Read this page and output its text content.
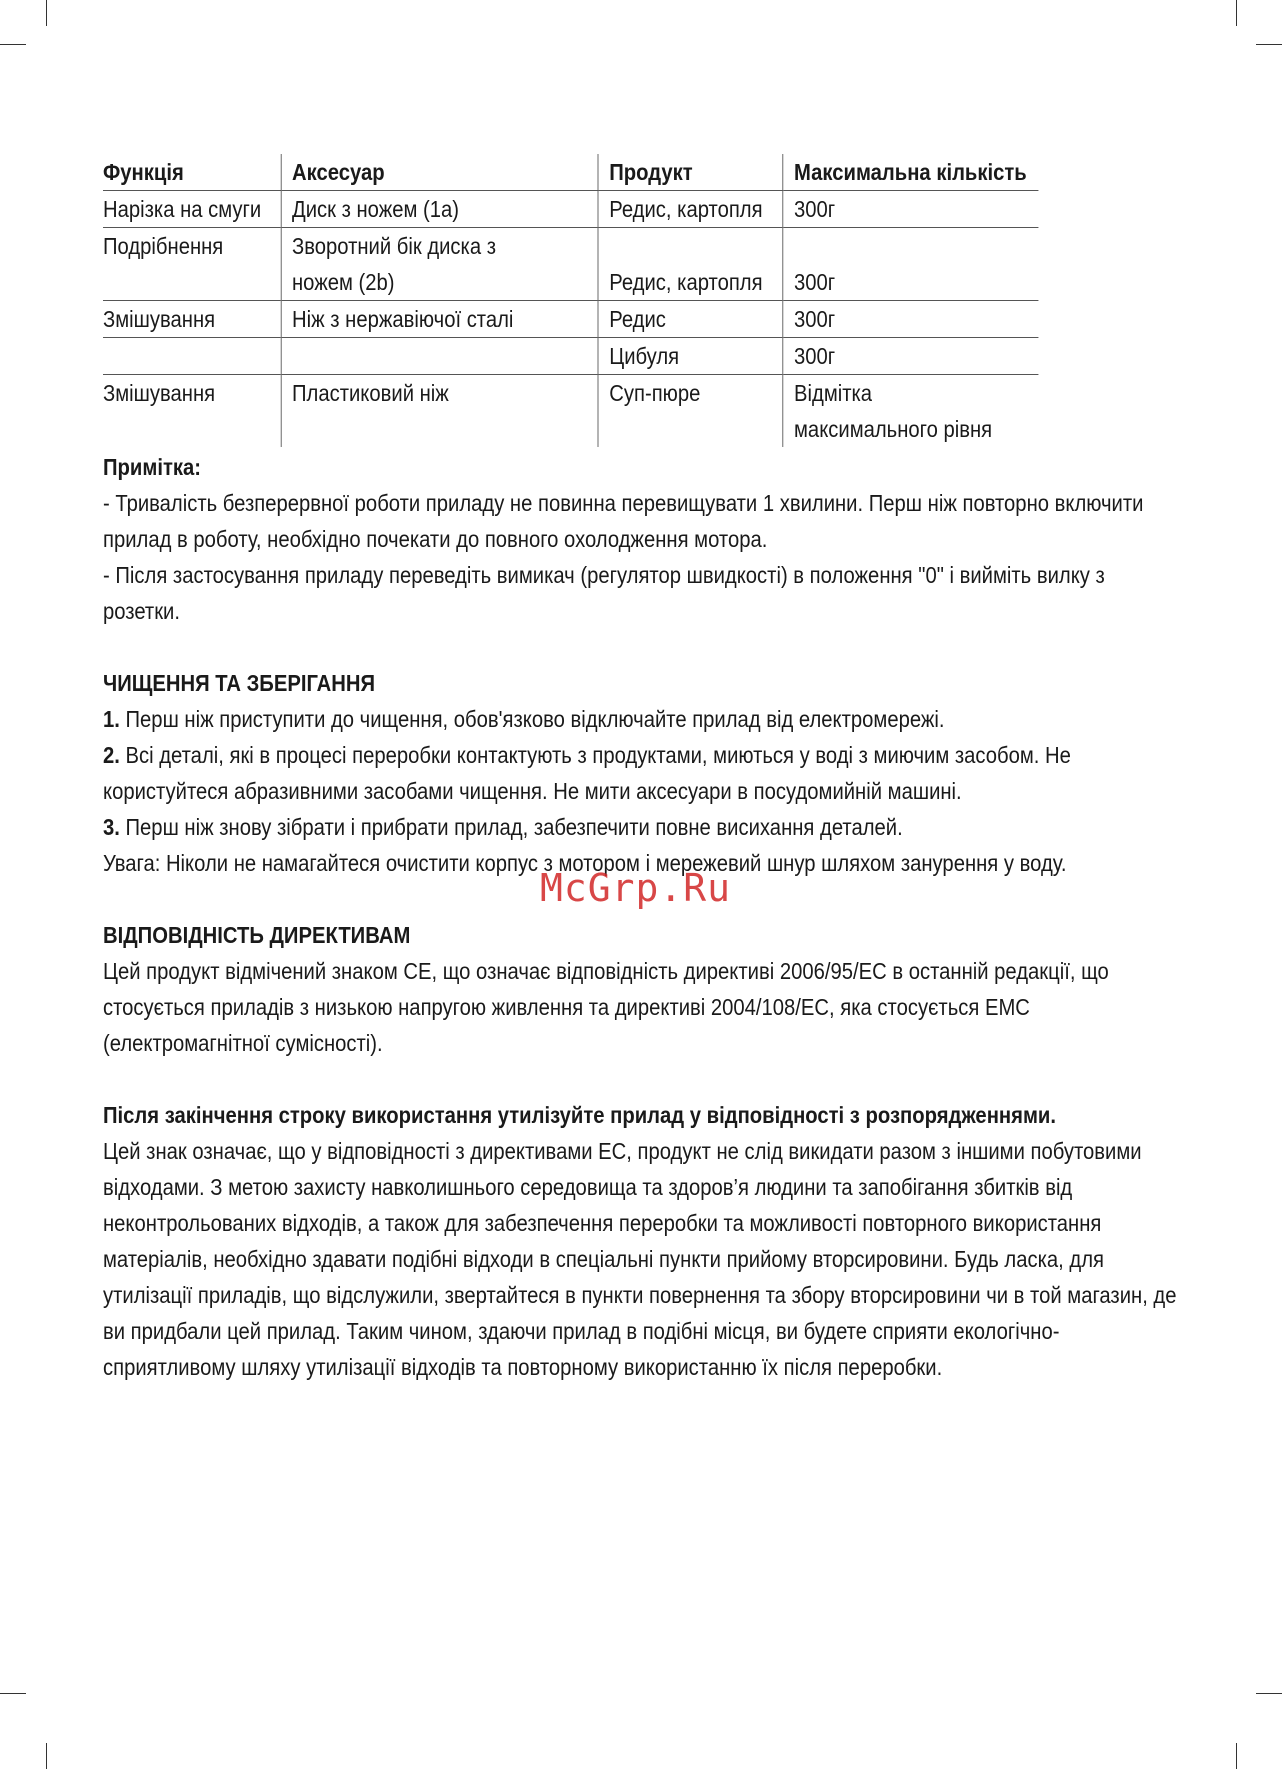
Функція	Аксесуар	Продукт	Максимальна кількість
Нарізка на смуги	Диск з ножем (1a)	Редис, картопля	300г
Подрібнення	Зворотний бік диска з ножем (2b)	Редис, картопля	300г
Змішування	Ніж з нержавіючої сталі	Редис	300г
		Цибуля	300г
Змішування	Пластиковий ніж	Суп-пюре	Відмітка максимального рівня
Примітка:

- Тривалість безперервної роботи приладу не повинна перевищувати 1 хвилини. Перш ніж повторно включити прилад в роботу, необхідно почекати до повного охолодження мотора.

- Після застосування приладу переведіть вимикач (регулятор швидкості) в положення "0" і вийміть вилку з розетки.

ЧИЩЕННЯ ТА ЗБЕРІГАННЯ

1. Перш ніж приступити до чищення, обов'язково відключайте прилад від електромережі.

2. Всі деталі, які в процесі переробки контактують з продуктами, миються у воді з миючим засобом. Не користуйтеся абразивними засобами чищення. Не мити аксесуари в посудомийній машині.

3. Перш ніж знову зібрати і прибрати прилад, забезпечити повне висихання деталей.

Увага: Ніколи не намагайтеся очистити корпус з мотором і мережевий шнур шляхом занурення у воду.

ВІДПОВІДНІСТЬ ДИРЕКТИВАМ

Цей продукт відмічений знаком CE, що означає відповідність директиві 2006/95/EC в останній редакції, що стосується приладів з низькою напругою живлення та директиві 2004/108/EC, яка стосується EMC (електромагнітної сумісності).

Після закінчення строку використання утилізуйте прилад у відповідності з розпорядженнями.

Цей знак означає, що у відповідності з директивами ЕС, продукт не слід викидати разом з іншими побутовими відходами. З метою захисту навколишнього середовища та здоров’я людини та запобігання збитків від неконтрольованих відходів, а також для забезпечення переробки та можливості повторного використання матеріалів, необхідно здавати подібні відходи в спеціальні пункти прийому вторсировини. Будь ласка, для утилізації приладів, що відслужили, звертайтеся в пункти повернення та збору вторсировини чи в той магазин, де ви придбали цей прилад. Таким чином, здаючи прилад в подібні місця, ви будете сприяти екологічно-сприятливому шляху утилізації відходів та повторному використанню їх після переробки.

McGrp.Ru
